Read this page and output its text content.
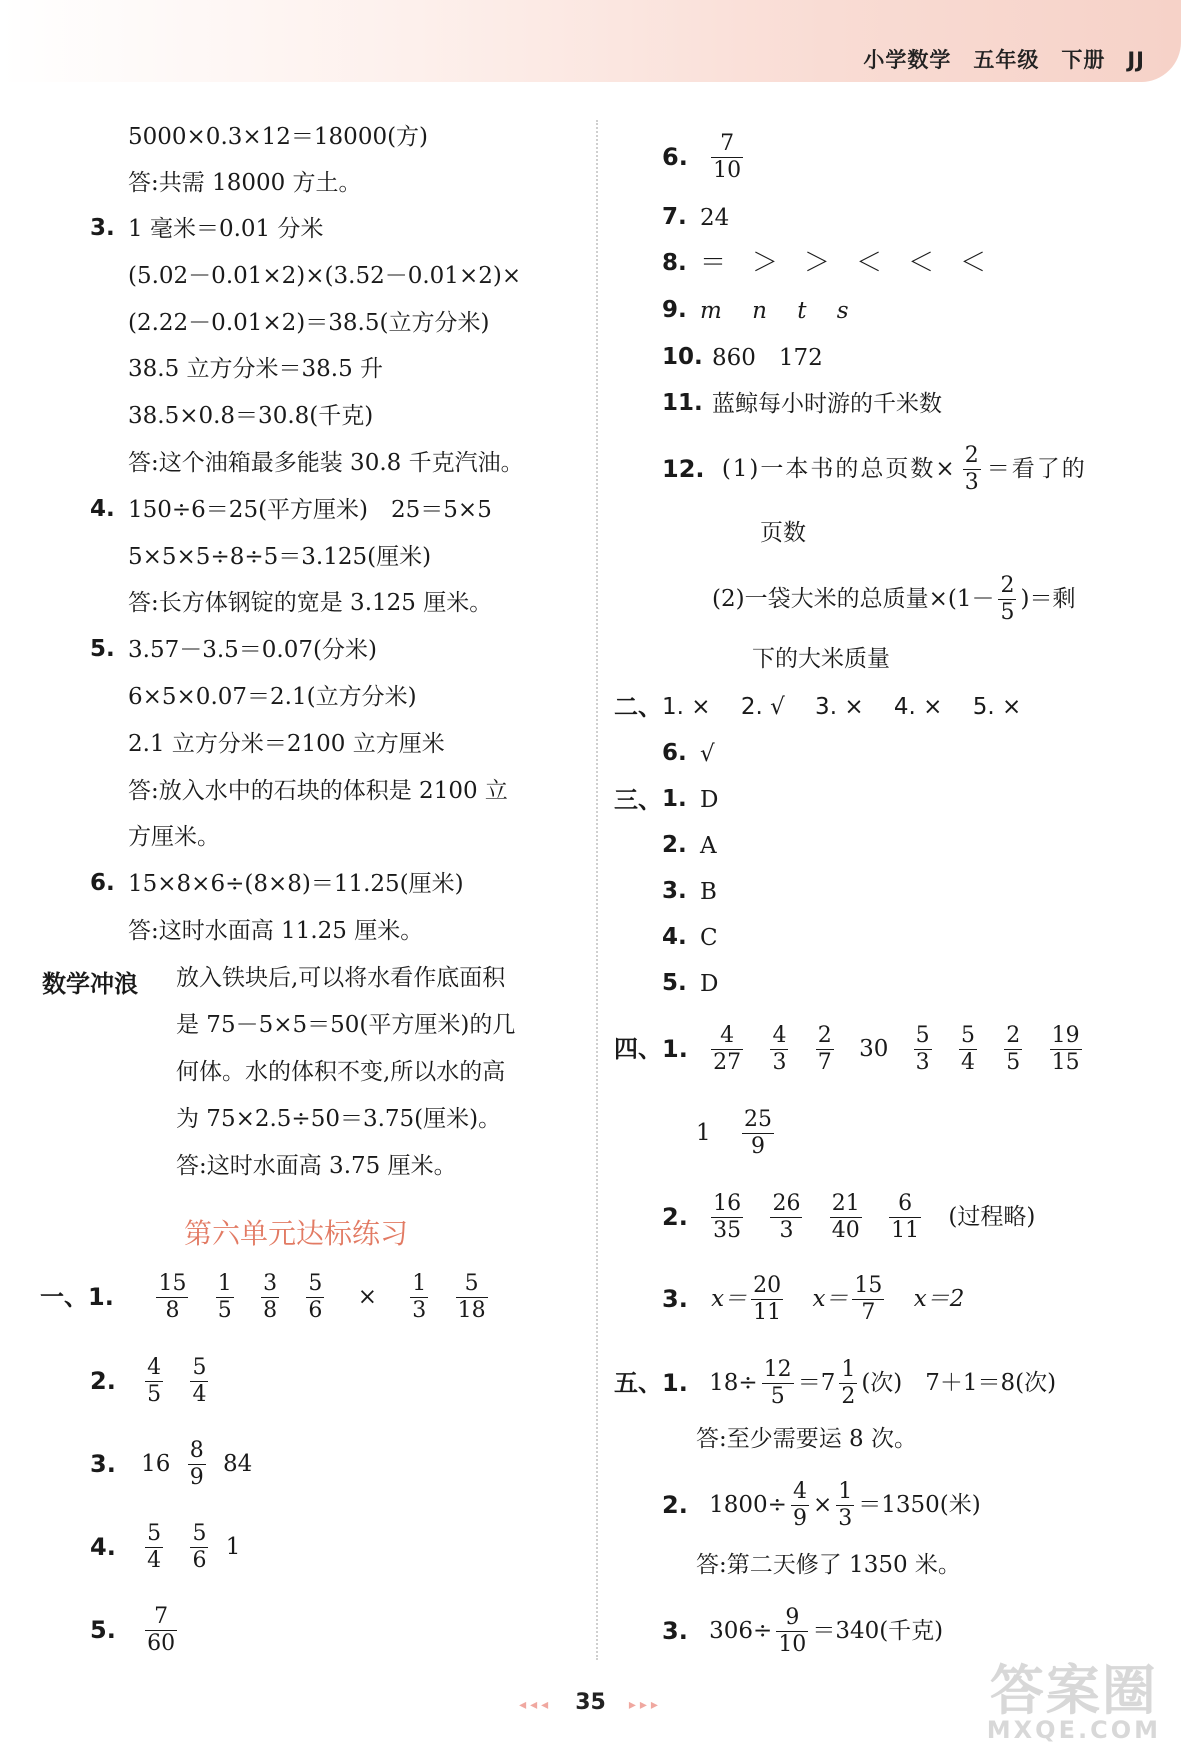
小学数学 五年级 下册 JJ
5000×0.3×12＝18000(方)
答:共需 18000 方土。
3. 1 毫米＝0.01 分米
(5.02－0.01×2)×(3.52－0.01×2)×
(2.22－0.01×2)＝38.5(立方分米)
38.5 立方分米＝38.5 升
38.5×0.8＝30.8(千克)
答:这个油箱最多能装 30.8 千克汽油。
4. 150÷6＝25(平方厘米)　25＝5×5
5×5×5÷8÷5＝3.125(厘米)
答:长方体钢锭的宽是 3.125 厘米。
5. 3.57－3.5＝0.07(分米)
6×5×0.07＝2.1(立方分米)
2.1 立方分米＝2100 立方厘米
答:放入水中的石块的体积是 2100 立
方厘米。
6. 15×8×6÷(8×8)＝11.25(厘米)
答:这时水面高 11.25 厘米。
数学冲浪 放入铁块后,可以将水看作底面积
是 75－5×5＝50(平方厘米)的几
何体。水的体积不变,所以水的高
为 75×2.5÷50＝3.75(厘米)。
答:这时水面高 3.75 厘米。
第六单元达标练习
一、1. $\frac{15}{8}$
$\frac{1}{5}$
$\frac{3}{8}$
$\frac{5}{6} \times \frac{1}{3}$
$\frac{5}{18}$
2. $\frac{4}{5}$
$\frac{5}{4}$
3. $16 \frac{8}{9} 84$
4. $\frac{5}{4}$
$\frac{5}{6} 1$
5. $\frac{7}{60}$
6. $\frac{7}{10}$
7. 24
8. ＝　＞　＞　＜　＜　＜
9. m　 n　 t　 s
10. 860　172
11. 蓝鲸每小时游的千米数
12. (1)一本书的总页数× $\frac{2}{3}$ ＝看了的
页数
(2)一袋大米的总质量$\times(1- \frac{2}{5}$ )＝剩
下的大米质量
二、 1. ×　 2. √　 3. ×　 4. ×　 5. ×
6. √
三、 1. D
2. A
3. B
4. C
5. D
四、1. $\frac{4}{27}$
$\frac{4}{3}$
$\frac{2}{7} 30 \frac{5}{3}$
$\frac{5}{4}$
$\frac{2}{5}$
$\frac{19}{15}$
$1 \frac{25}{9}$
2. $\frac{16}{35}$
$\frac{26}{3}$
$\frac{21}{40}$
$\frac{6}{11}$ (过程略)
3. $x= \frac{20}{11} x= \frac{15}{7} x=2$
五、1. $18\div \frac{12}{5} =7 \frac{1}{2}$ (次)　7＋1＝8(次)
答:至少需要运 8 次。
2. $1800\div \frac{4}{9} \times \frac{1}{3} =1350$(米)
答:第二天修了 1350 米。
3. $306\div \frac{9}{10} =340$(千克)
◂◂◂ 35 ▸▸▸	答案圈
MXQE.COM
